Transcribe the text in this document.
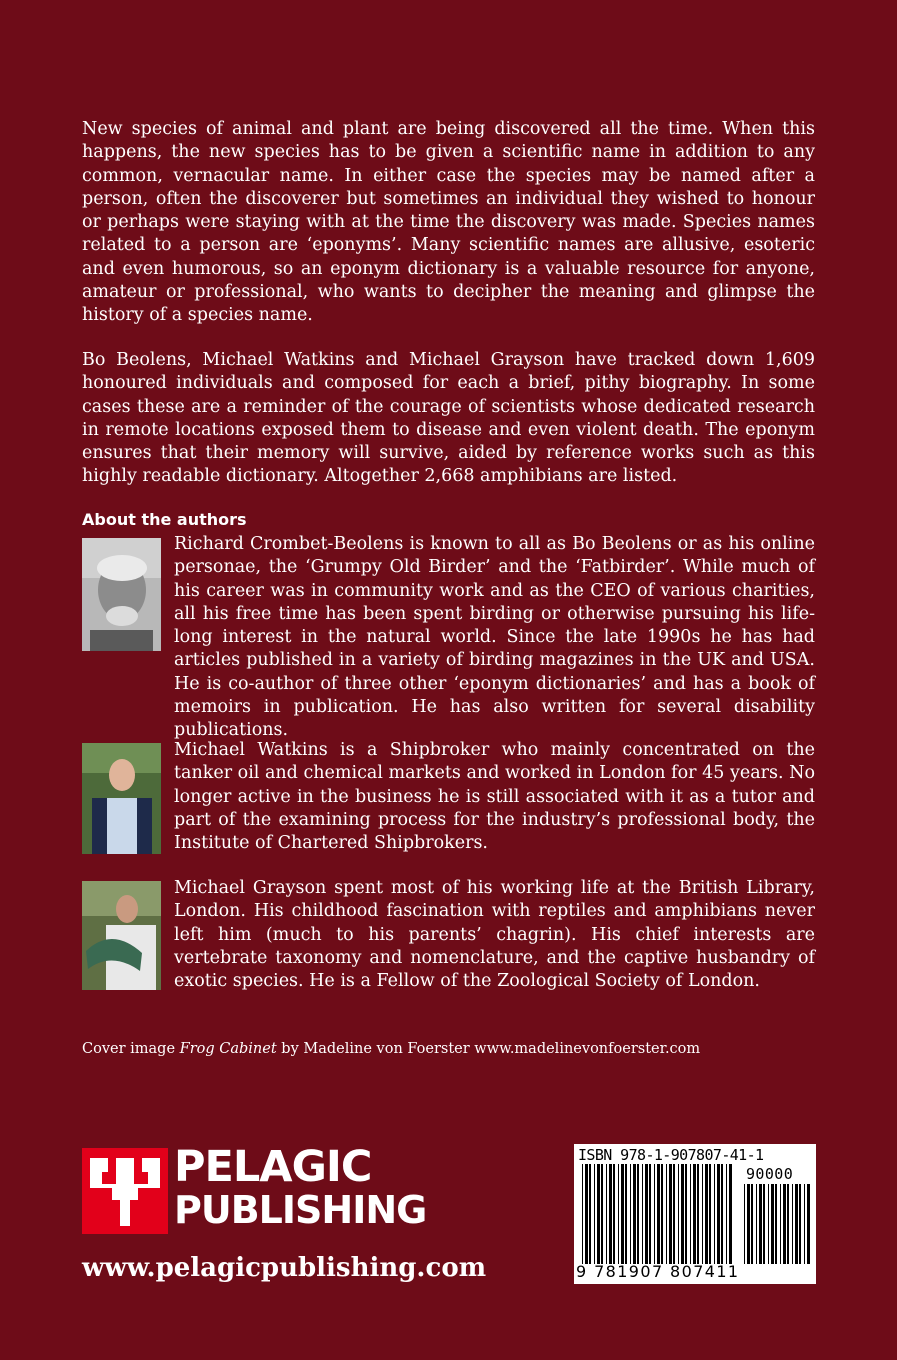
New species of animal and plant are being discovered all the time. When this happens, the new species has to be given a scientific name in addition to any common, vernacular name. In either case the species may be named after a person, often the discoverer but sometimes an individual they wished to honour or perhaps were staying with at the time the discovery was made. Species names related to a person are ‘eponyms’. Many scientific names are allusive, esoteric and even humorous, so an eponym dictionary is a valuable resource for anyone, amateur or professional, who wants to decipher the meaning and glimpse the history of a species name.

Bo Beolens, Michael Watkins and Michael Grayson have tracked down 1,609 honoured individuals and composed for each a brief, pithy biography. In some cases these are a reminder of the courage of scientists whose dedicated research in remote locations exposed them to disease and even violent death. The eponym ensures that their memory will survive, aided by reference works such as this highly readable dictionary. Altogether 2,668 amphibians are listed.

About the authors

Richard Crombet-Beolens is known to all as Bo Beolens or as his online personae, the ‘Grumpy Old Birder’ and the ‘Fatbirder’. While much of his career was in community work and as the CEO of various charities, all his free time has been spent birding or otherwise pursuing his life-long interest in the natural world. Since the late 1990s he has had articles published in a variety of birding magazines in the UK and USA. He is co-author of three other ‘eponym dictionaries’ and has a book of memoirs in publication. He has also written for several disability publications.

Michael Watkins is a Shipbroker who mainly concentrated on the tanker oil and chemical markets and worked in London for 45 years. No longer active in the business he is still associated with it as a tutor and part of the examining process for the industry’s professional body, the Institute of Chartered Shipbrokers.

Michael Grayson spent most of his working life at the British Library, London. His childhood fascination with reptiles and amphibians never left him (much to his parents’ chagrin). His chief interests are vertebrate taxonomy and nomenclature, and the captive husbandry of exotic species. He is a Fellow of the Zoological Society of London.

Cover image Frog Cabinet by Madeline von Foerster www.madelinevonfoerster.com

PELAGIC
PUBLISHING
www.pelagicpublishing.com
ISBN 978-1-907807-41-1
90000
9 781907 807411
